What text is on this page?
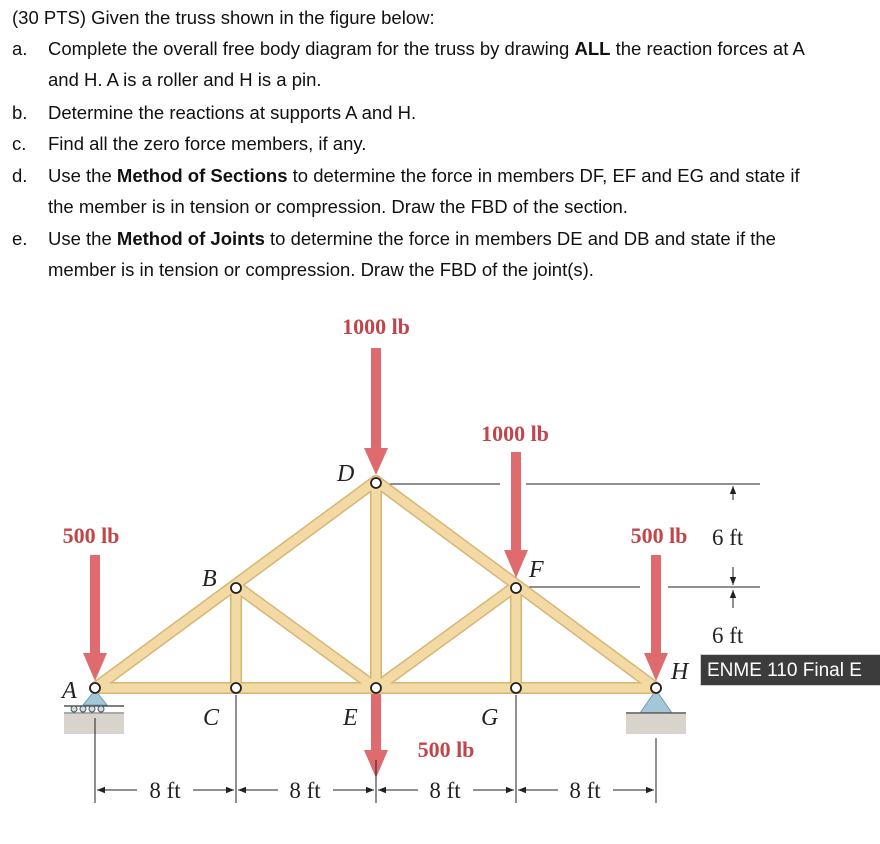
(30 PTS) Given the truss shown in the figure below:
a. Complete the overall free body diagram for the truss by drawing ALL the reaction forces at A
and H. A is a roller and H is a pin.
b. Determine the reactions at supports A and H.
c. Find all the zero force members, if any.
d. Use the Method of Sections to determine the force in members DF, EF and EG and state if
the member is in tension or compression. Draw the FBD of the section.
e. Use the Method of Joints to determine the force in members DE and DB and state if the
member is in tension or compression. Draw the FBD of the joint(s).
1000 lb
1000 lb
500 lb	500 lb
500 lb
D
B	F
A
C	E	G
H
6 ft
6 ft
8 ft	8 ft	8 ft	8 ft
ENME 110 Final E
